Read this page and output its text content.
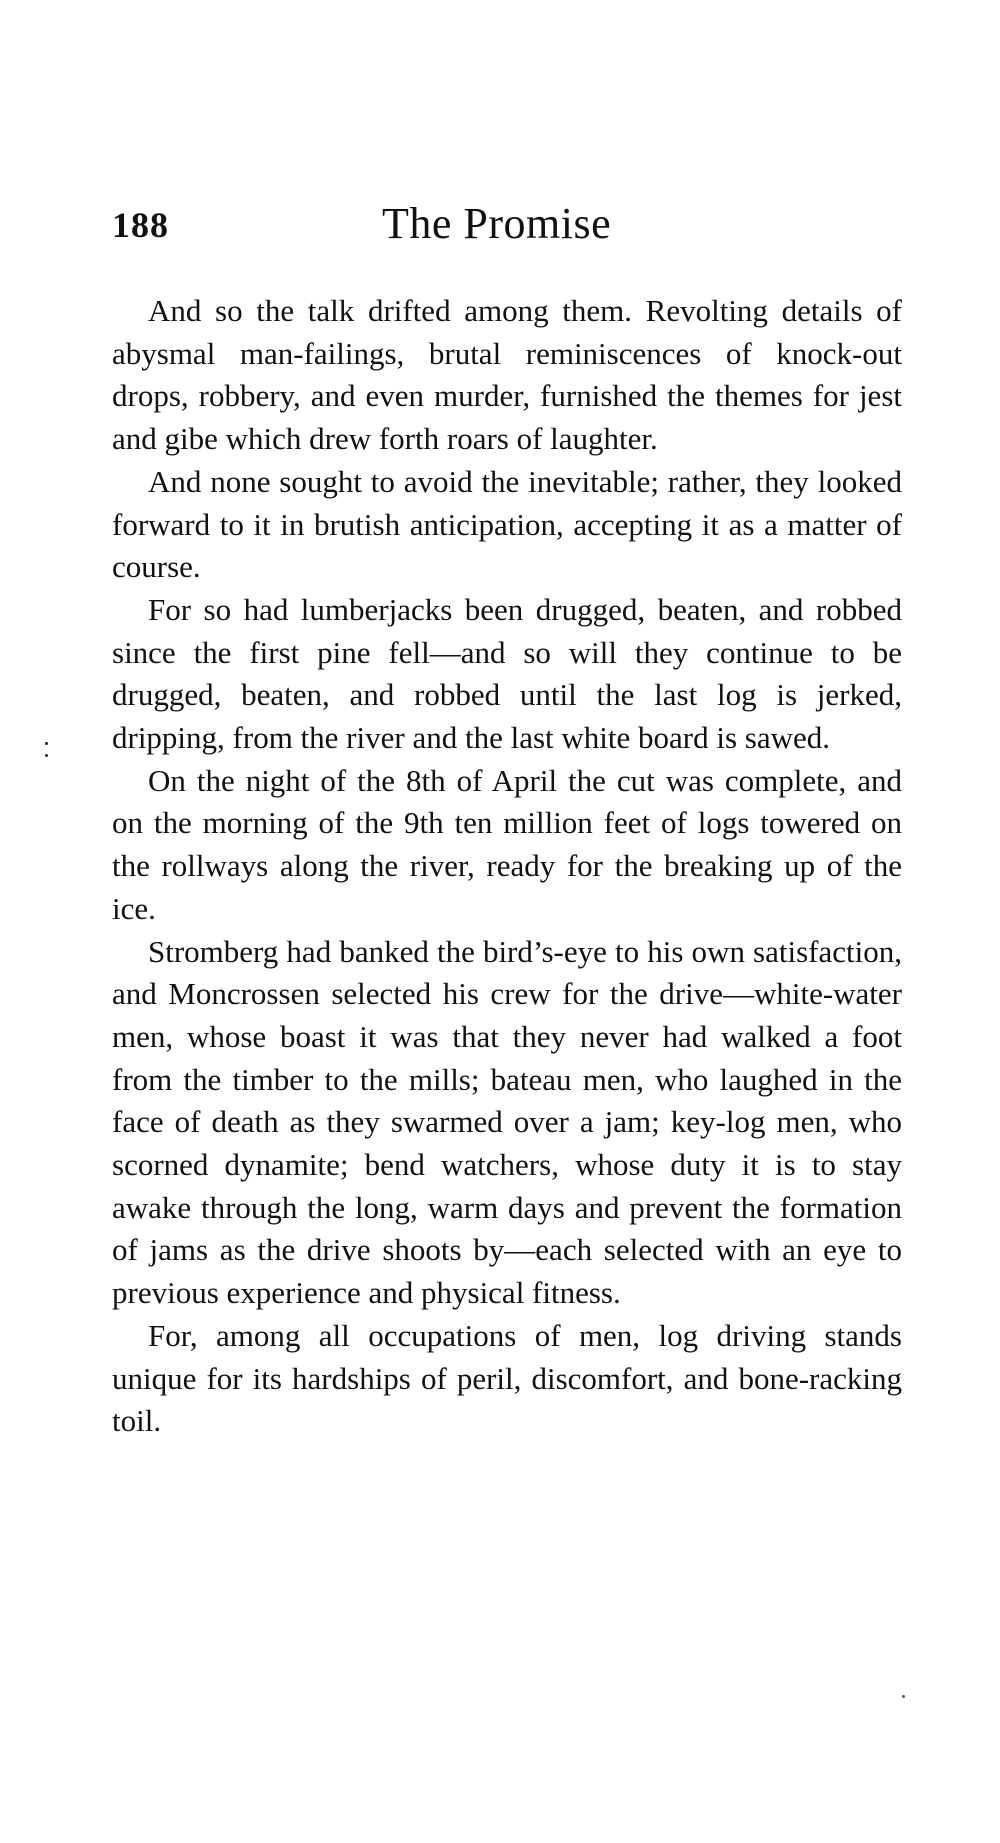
188	The Promise

And so the talk drifted among them. Revolting details of abysmal man-failings, brutal reminiscences of knock-out drops, robbery, and even murder, furnished the themes for jest and gibe which drew forth roars of laughter.

And none sought to avoid the inevitable; rather, they looked forward to it in brutish anticipation, accepting it as a matter of course.

For so had lumberjacks been drugged, beaten, and robbed since the first pine fell—and so will they continue to be drugged, beaten, and robbed until the last log is jerked, dripping, from the river and the last white board is sawed.

On the night of the 8th of April the cut was complete, and on the morning of the 9th ten million feet of logs towered on the rollways along the river, ready for the breaking up of the ice.

Stromberg had banked the bird’s-eye to his own satisfaction, and Moncrossen selected his crew for the drive—white-water men, whose boast it was that they never had walked a foot from the timber to the mills; bateau men, who laughed in the face of death as they swarmed over a jam; key-log men, who scorned dynamite; bend watchers, whose duty it is to stay awake through the long, warm days and prevent the formation of jams as the drive shoots by—each selected with an eye to previous experience and physical fitness.

For, among all occupations of men, log driving stands unique for its hardships of peril, discomfort, and bone-racking toil.
